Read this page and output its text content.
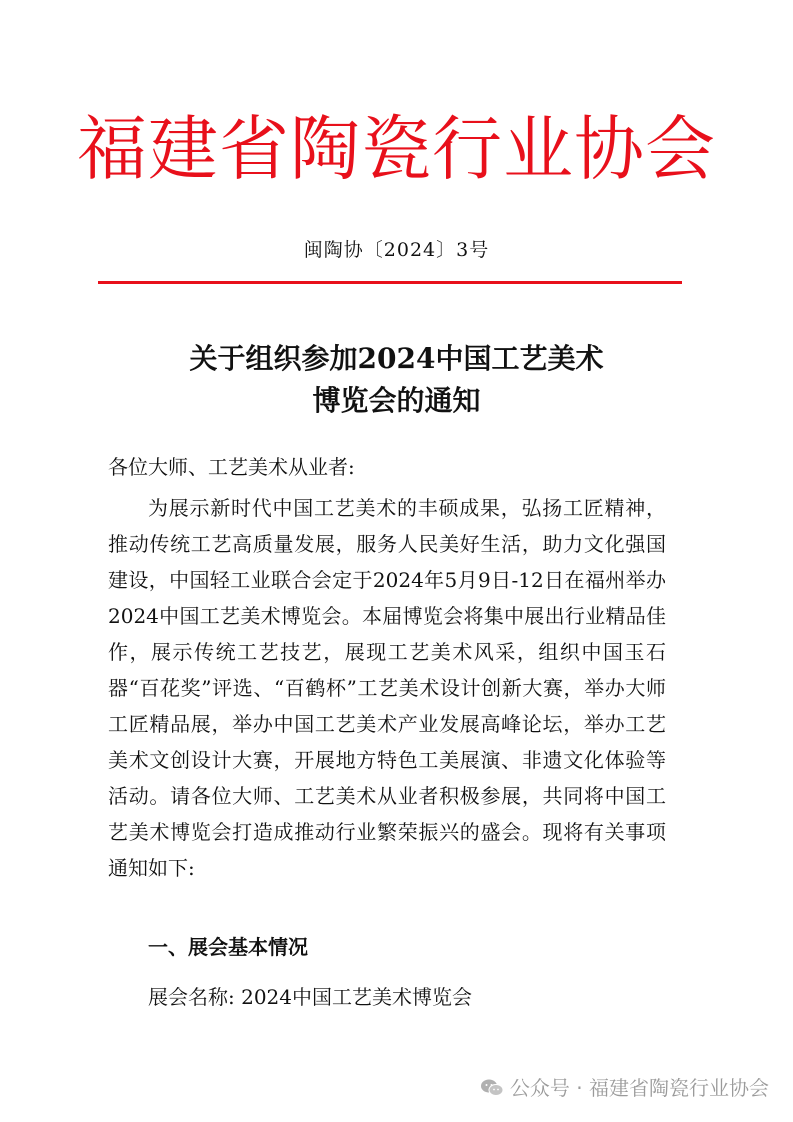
福建省陶瓷行业协会
闽陶协〔2024〕3号
关于组织参加2024中国工艺美术
博览会的通知
各位大师、工艺美术从业者:

为展示新时代中国工艺美术的丰硕成果，弘扬工匠精神，推动传统工艺高质量发展，服务人民美好生活，助力文化强国建设，中国轻工业联合会定于2024年5月9日-12日在福州举办2024中国工艺美术博览会。本届博览会将集中展出行业精品佳作，展示传统工艺技艺，展现工艺美术风采，组织中国玉石器“百花奖”评选、“百鹤杯”工艺美术设计创新大赛，举办大师工匠精品展，举办中国工艺美术产业发展高峰论坛，举办工艺美术文创设计大赛，开展地方特色工美展演、非遗文化体验等活动。请各位大师、工艺美术从业者积极参展，共同将中国工艺美术博览会打造成推动行业繁荣振兴的盛会。现将有关事项通知如下:

一、展会基本情况
展会名称: 2024中国工艺美术博览会
公众号 · 福建省陶瓷行业协会
